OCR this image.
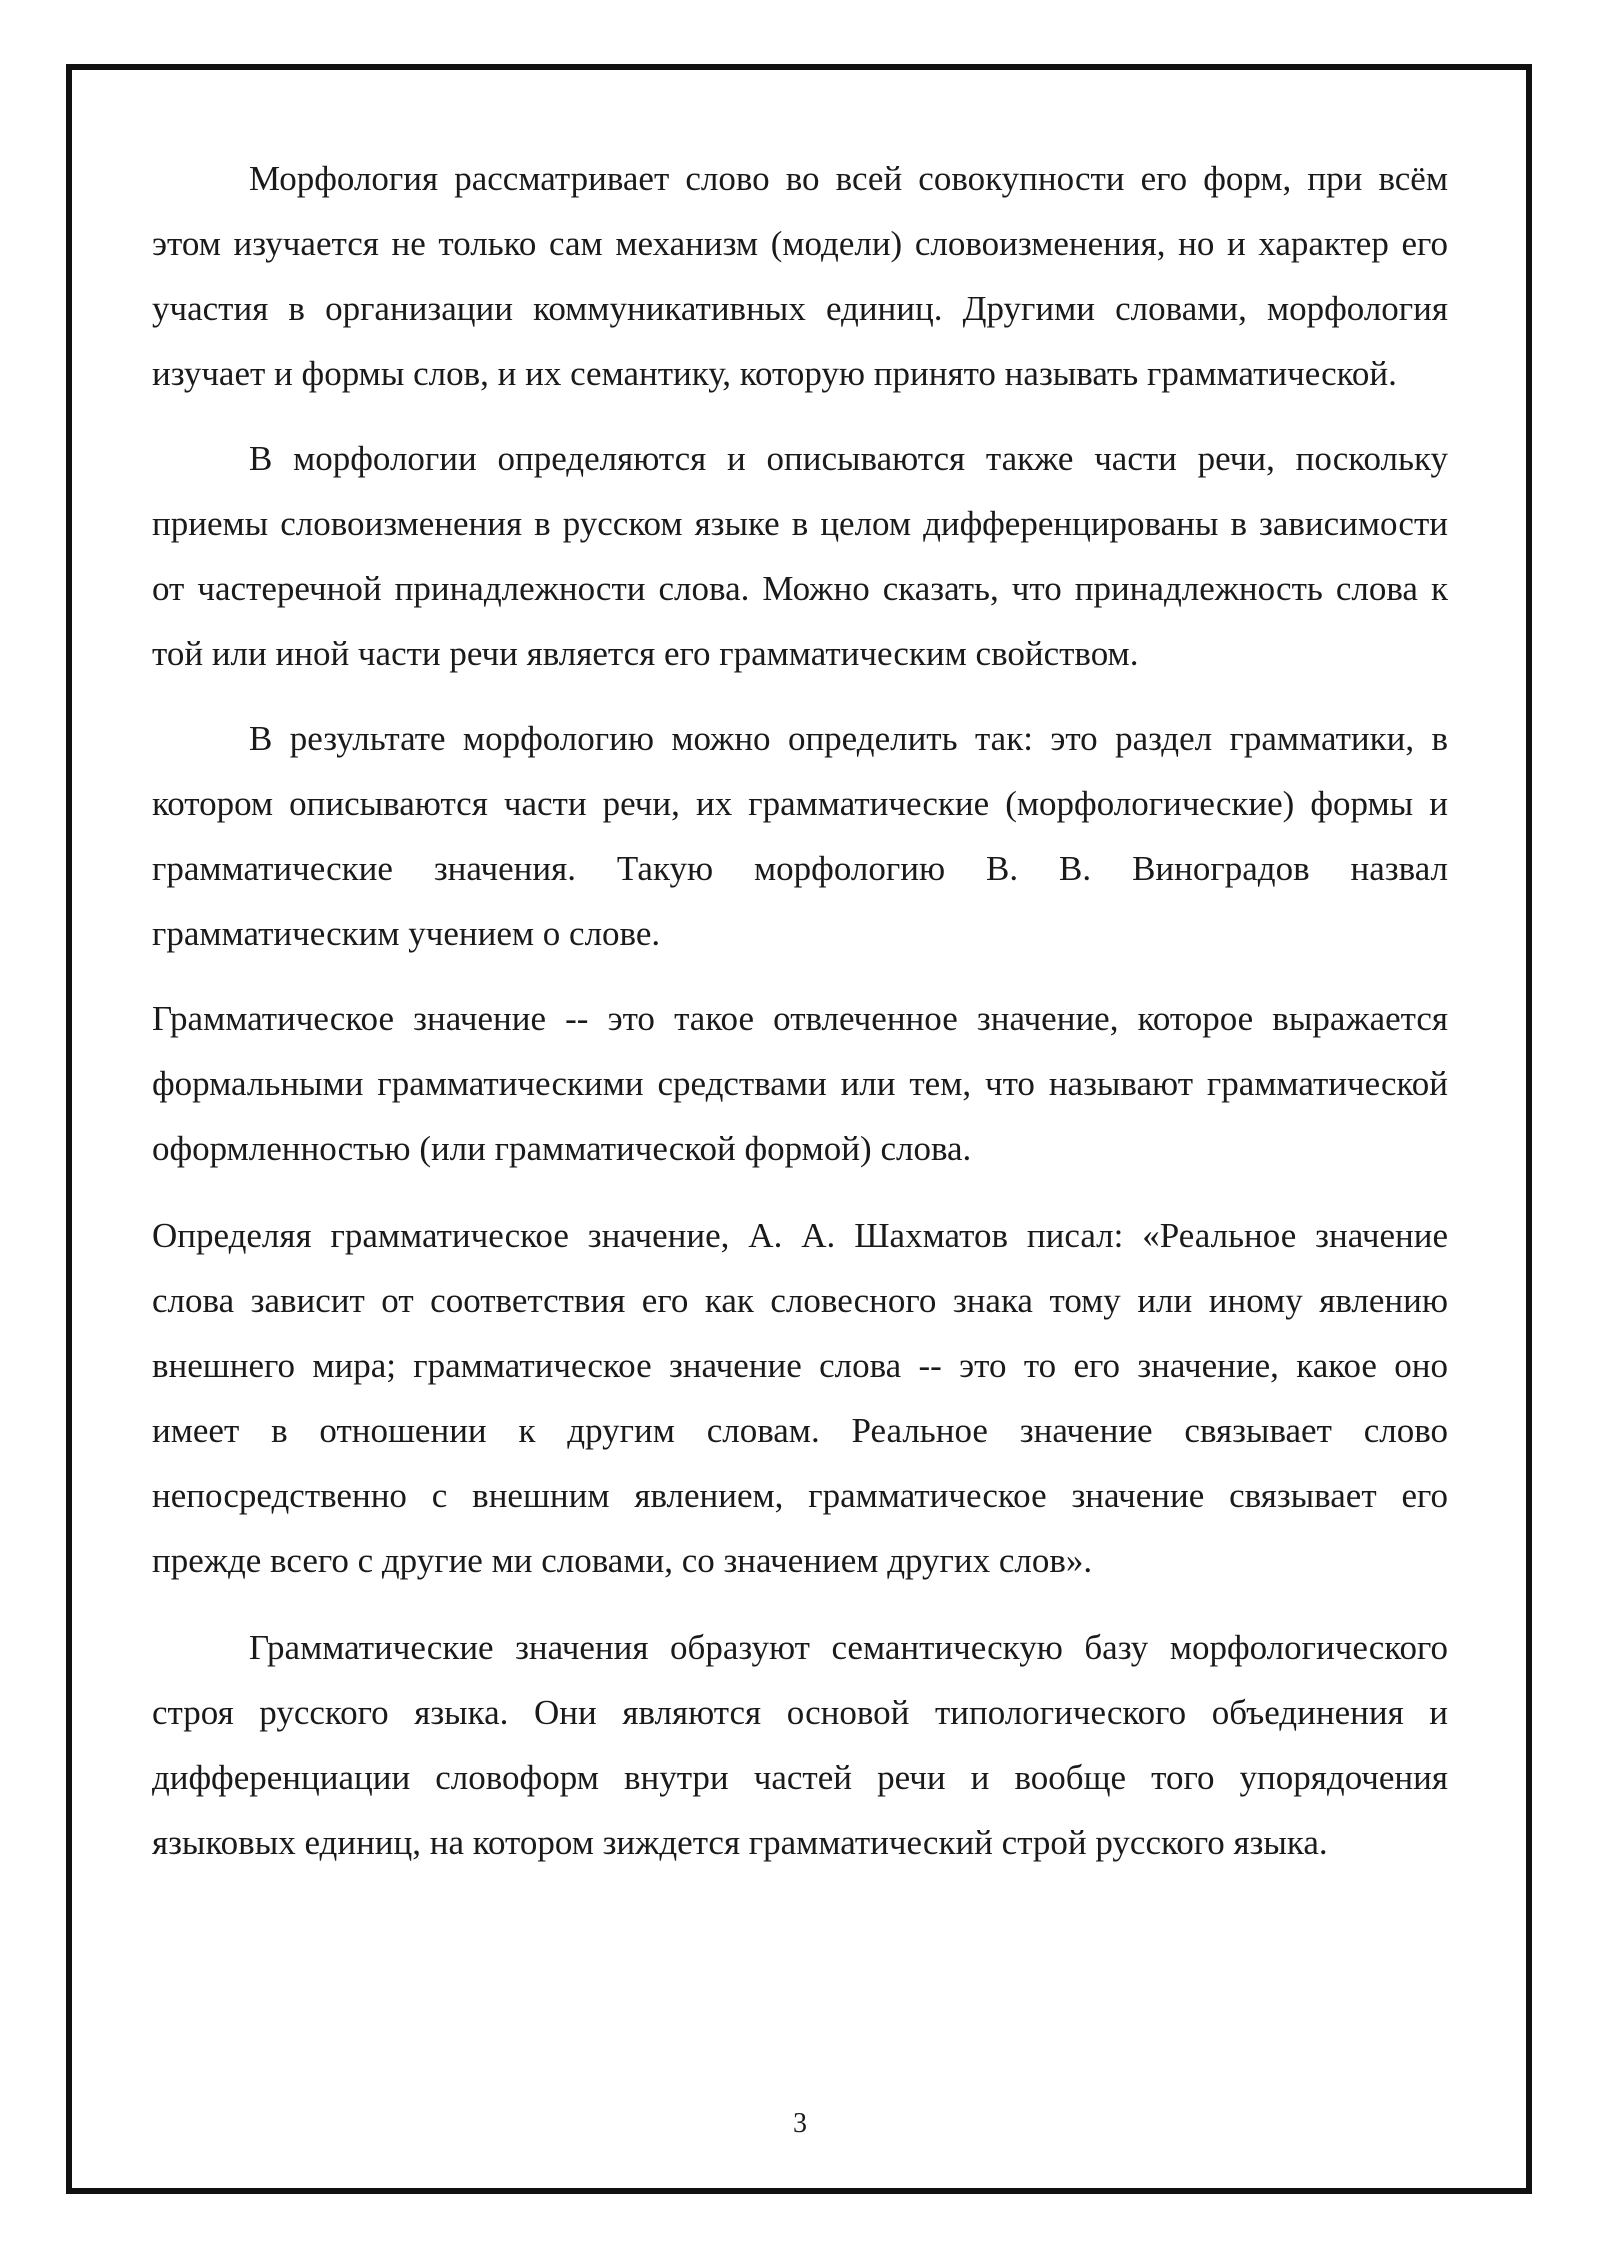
Морфология рассматривает слово во всей совокупности его форм, при всём этом изучается не только сам механизм (модели) словоизменения, но и характер его участия в организации коммуникативных единиц. Другими словами, морфология изучает и формы слов, и их семантику, которую принято называть грамматической.

В морфологии определяются и описываются также части речи, поскольку приемы словоизменения в русском языке в целом дифференцированы в зависимости от частеречной принадлежности слова. Можно сказать, что принадлежность слова к той или иной части речи является его грамматическим свойством.

В результате морфологию можно определить так: это раздел грамматики, в котором описываются части речи, их грамматические (морфологические) формы и грамматические значения. Такую морфологию В. В. Виноградов назвал грамматическим учением о слове.

Грамматическое значение -- это такое отвлеченное значение, которое выражается формальными грамматическими средствами или тем, что называют грамматической оформленностью (или грамматической формой) слова.

Определяя грамматическое значение, А. А. Шахматов писал: «Реальное значение слова зависит от соответствия его как словесного знака тому или иному явлению внешнего мира; грамматическое значение слова -- это то его значение, какое оно имеет в отношении к другим словам. Реальное значение связывает слово непосредственно с внешним явлением, грамматическое значение связывает его прежде всего с другие ми словами, со значением других слов».

Грамматические значения образуют семантическую базу морфологического строя русского языка. Они являются основой типологического объединения и дифференциации словоформ внутри частей речи и вообще того упорядочения языковых единиц, на котором зиждется грамматический строй русского языка.

3
